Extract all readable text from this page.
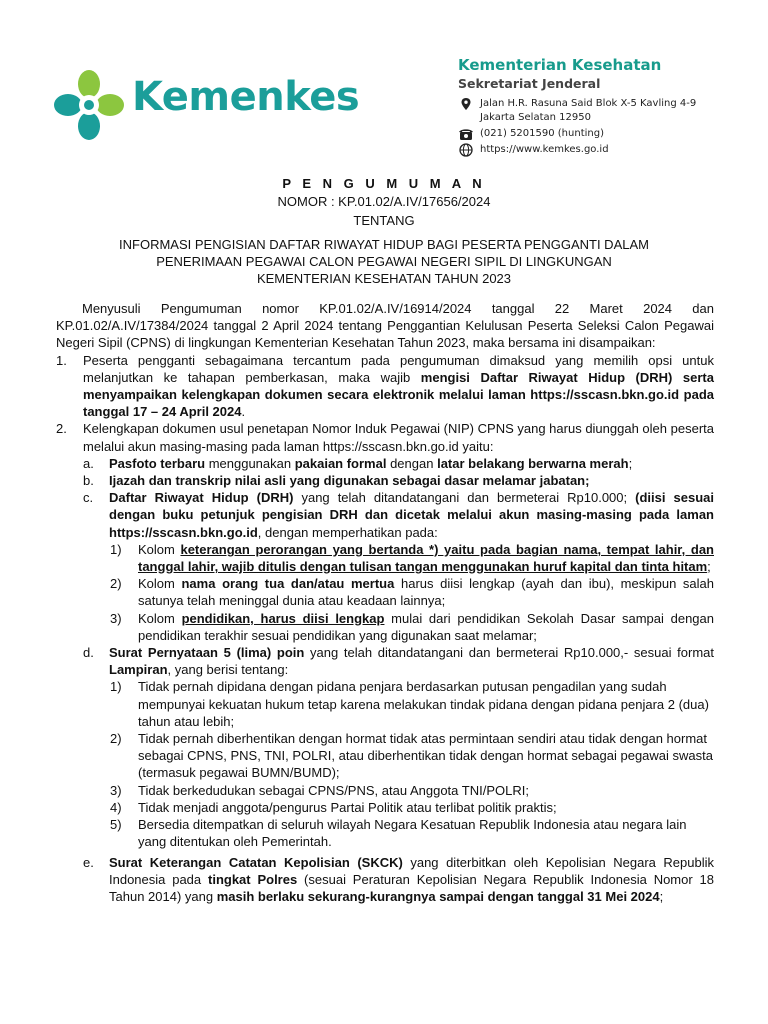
Kemenkes
Kementerian Kesehatan
Sekretariat Jenderal
Jalan H.R. Rasuna Said Blok X-5 Kavling 4-9
Jakarta Selatan 12950
(021) 5201590 (hunting)
https://www.kemkes.go.id
P E N G U M U M A N
NOMOR : KP.01.02/A.IV/17656/2024
TENTANG
INFORMASI PENGISIAN DAFTAR RIWAYAT HIDUP BAGI PESERTA PENGGANTI DALAM
PENERIMAAN PEGAWAI CALON PEGAWAI NEGERI SIPIL DI LINGKUNGAN
KEMENTERIAN KESEHATAN TAHUN 2023

Menyusuli Pengumuman nomor KP.01.02/A.IV/16914/2024 tanggal 22 Maret 2024 dan KP.01.02/A.IV/17384/2024 tanggal 2 April 2024 tentang Penggantian Kelulusan Peserta Seleksi Calon Pegawai Negeri Sipil (CPNS) di lingkungan Kementerian Kesehatan Tahun 2023, maka bersama ini disampaikan:

1. Peserta pengganti sebagaimana tercantum pada pengumuman dimaksud yang memilih opsi untuk melanjutkan ke tahapan pemberkasan, maka wajib mengisi Daftar Riwayat Hidup (DRH) serta menyampaikan kelengkapan dokumen secara elektronik melalui laman https://sscasn.bkn.go.id pada tanggal 17 – 24 April 2024.
2. Kelengkapan dokumen usul penetapan Nomor Induk Pegawai (NIP) CPNS yang harus diunggah oleh peserta melalui akun masing-masing pada laman https://sscasn.bkn.go.id yaitu:
a. Pasfoto terbaru menggunakan pakaian formal dengan latar belakang berwarna merah;
b. Ijazah dan transkrip nilai asli yang digunakan sebagai dasar melamar jabatan;
c. Daftar Riwayat Hidup (DRH) yang telah ditandatangani dan bermeterai Rp10.000; (diisi sesuai dengan buku petunjuk pengisian DRH dan dicetak melalui akun masing-masing pada laman https://sscasn.bkn.go.id, dengan memperhatikan pada:
1) Kolom keterangan perorangan yang bertanda *) yaitu pada bagian nama, tempat lahir, dan tanggal lahir, wajib ditulis dengan tulisan tangan menggunakan huruf kapital dan tinta hitam;
2) Kolom nama orang tua dan/atau mertua harus diisi lengkap (ayah dan ibu), meskipun salah satunya telah meninggal dunia atau keadaan lainnya;
3) Kolom pendidikan, harus diisi lengkap mulai dari pendidikan Sekolah Dasar sampai dengan pendidikan terakhir sesuai pendidikan yang digunakan saat melamar;
d. Surat Pernyataan 5 (lima) poin yang telah ditandatangani dan bermeterai Rp10.000,- sesuai format Lampiran, yang berisi tentang:
1) Tidak pernah dipidana dengan pidana penjara berdasarkan putusan pengadilan yang sudah mempunyai kekuatan hukum tetap karena melakukan tindak pidana dengan pidana penjara 2 (dua) tahun atau lebih;
2) Tidak pernah diberhentikan dengan hormat tidak atas permintaan sendiri atau tidak dengan hormat sebagai CPNS, PNS, TNI, POLRI, atau diberhentikan tidak dengan hormat sebagai pegawai swasta (termasuk pegawai BUMN/BUMD);
3) Tidak berkedudukan sebagai CPNS/PNS, atau Anggota TNI/POLRI;
4) Tidak menjadi anggota/pengurus Partai Politik atau terlibat politik praktis;
5) Bersedia ditempatkan di seluruh wilayah Negara Kesatuan Republik Indonesia atau negara lain yang ditentukan oleh Pemerintah.
e. Surat Keterangan Catatan Kepolisian (SKCK) yang diterbitkan oleh Kepolisian Negara Republik Indonesia pada tingkat Polres (sesuai Peraturan Kepolisian Negara Republik Indonesia Nomor 18 Tahun 2014) yang masih berlaku sekurang-kurangnya sampai dengan tanggal 31 Mei 2024;
